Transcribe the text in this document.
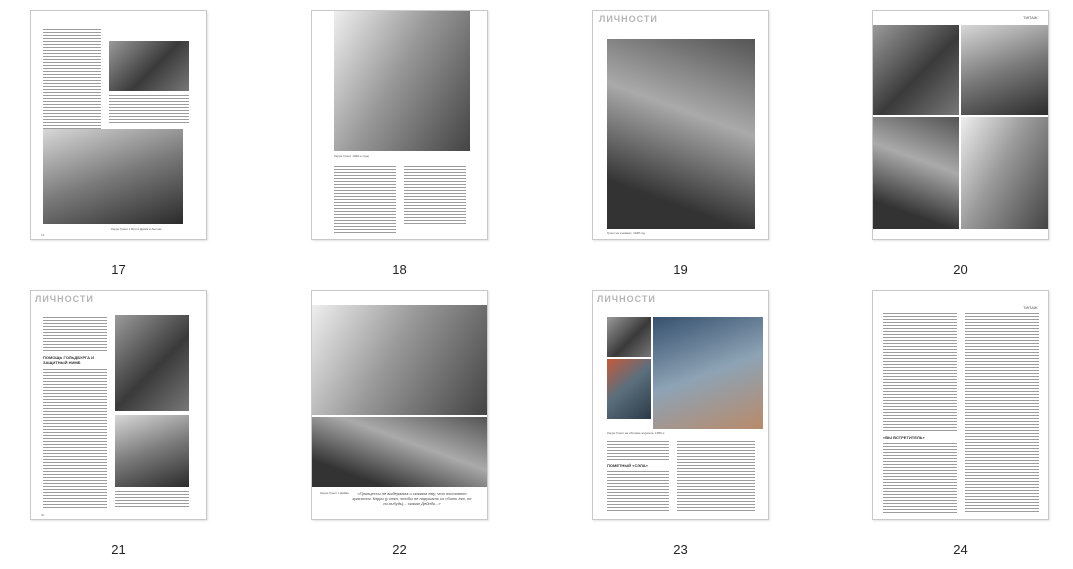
Кэрри Грант с Бетти Дрейк в Англии.
16
17
Кэрри Грант, 1940-е годы
18
ЛИЧНОСТИ
Грант на съёмках, 1948 год
19
ТИПАЖ
20
ЛИЧНОСТИ
ПОМОЩЬ ГОЛЬДБУРГА И ЗАЩИТНЫЙ НИМБ
20
21
«Принцессы не выдержала и сказала ему, что постоянно красится. Кэрри (у него, чтобы не нарушать их сбить его, он ни-нибудь)... сказал Дейнди...»
Кэрри Грант с Дайан
22
ЛИЧНОСТИ
Кэрри Грант на обложке журнала, 1950-е
ПОМЕТНЫЙ «СЭЛА»
23
ТИПАЖ
«ВЫ ВСТРЕТИТЕЛЬ»
24
